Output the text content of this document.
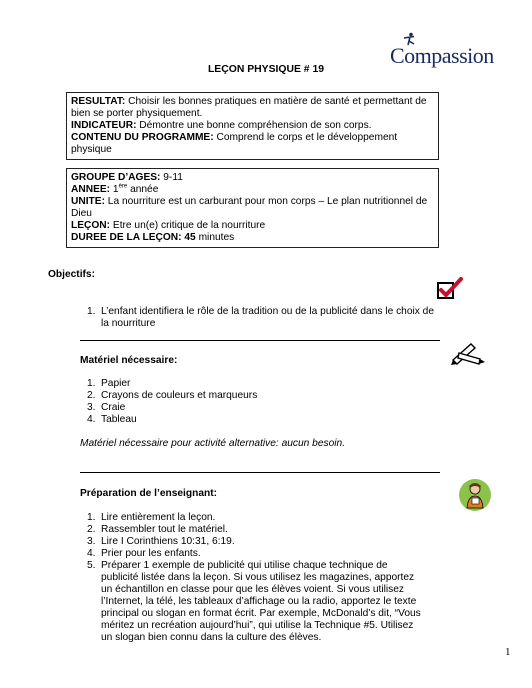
Compassion
LEÇON PHYSIQUE # 19

RESULTAT: Choisir les bonnes pratiques en matière de santé et permettant de bien se porter physiquement.

INDICATEUR: Démontre une bonne compréhension de son corps.

CONTENU DU PROGRAMME: Comprend le corps et le développement physique

GROUPE D’AGES: 9-11

ANNEE: 1ère année

UNITE: La nourriture est un carburant pour mon corps – Le plan nutritionnel de Dieu

LEÇON: Etre un(e) critique de la nourriture

DUREE DE LA LEÇON: 45 minutes

Objectifs:
1. L’enfant identifiera le rôle de la tradition ou de la publicité dans le choix de la nourriture
Matériel nécessaire:
1. Papier
2. Crayons de couleurs et marqueurs
3. Craie
4. Tableau
Matériel nécessaire pour activité alternative: aucun besoin.
Préparation de l’enseignant:
1. Lire entièrement la leçon.
2. Rassembler tout le matériel.
3. Lire I Corinthiens 10:31, 6:19.
4. Prier pour les enfants.
5. Préparer 1 exemple de publicité qui utilise chaque technique de publicité listée dans la leçon. Si vous utilisez les magazines, apportez un échantillon en classe pour que les élèves voient. Si vous utilisez l’Internet, la télé, les tableaux d’affichage ou la radio, apportez le texte principal ou slogan en format écrit. Par exemple, McDonald’s dit, “Vous méritez un recréation aujourd’hui”, qui utilise la Technique #5. Utilisez un slogan bien connu dans la culture des élèves.
1
